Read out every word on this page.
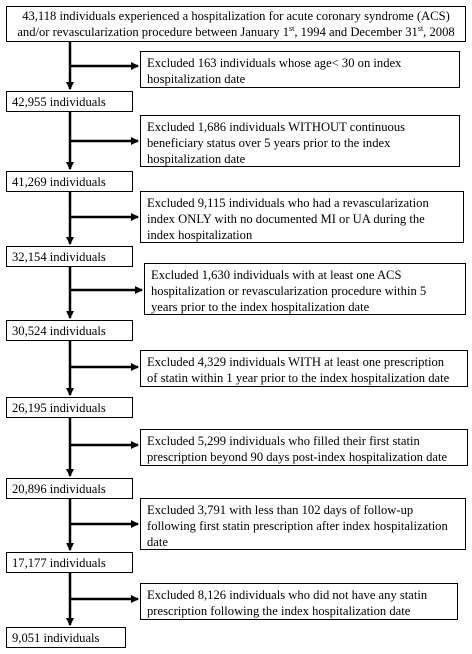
43,118 individuals experienced a hospitalization for acute coronary syndrome (ACS)
and/or revascularization procedure between January 1st, 1994 and December 31st, 2008
42,955 individuals
41,269 individuals
32,154 individuals
30,524 individuals
26,195 individuals
20,896 individuals
17,177 individuals
9,051 individuals
Excluded 163 individuals whose age< 30 on index
hospitalization date
Excluded 1,686 individuals WITHOUT continuous
beneficiary status over 5 years prior to the index
hospitalization date
Excluded 9,115 individuals who had a revascularization
index ONLY with no documented MI or UA during the
index hospitalization
Excluded 1,630 individuals with at least one ACS
hospitalization or revascularization procedure within 5
years prior to the index hospitalization date
Excluded 4,329 individuals WITH at least one prescription
of statin within 1 year prior to the index hospitalization date
Excluded 5,299 individuals who filled their first statin
prescription beyond 90 days post-index hospitalization date
Excluded 3,791 with less than 102 days of follow-up
following first statin prescription after index hospitalization
date
Excluded 8,126 individuals who did not have any statin
prescription following the index hospitalization date
